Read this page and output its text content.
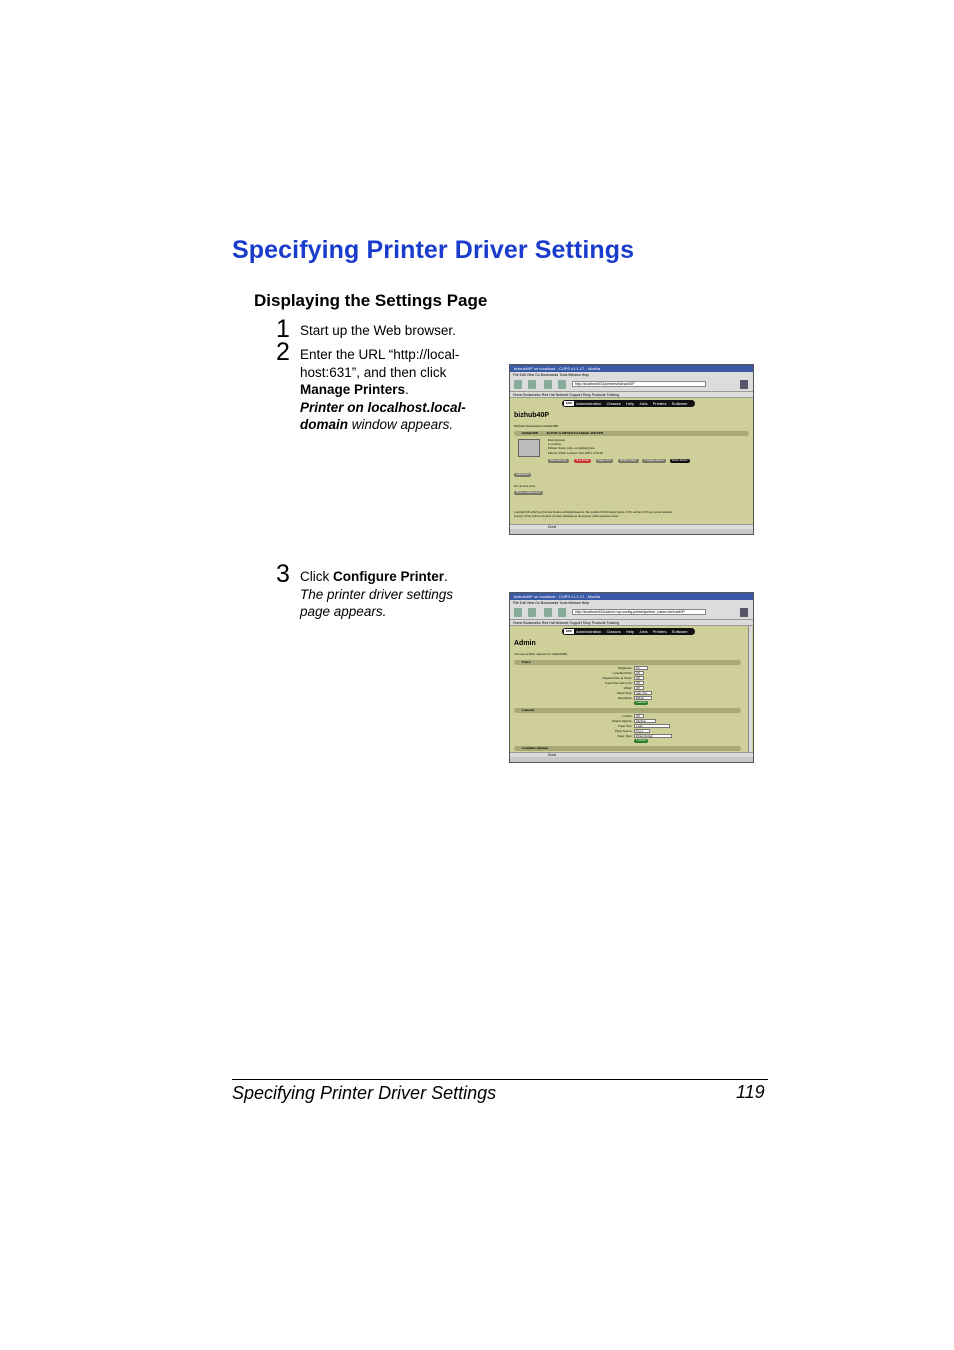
Specifying Printer Driver Settings
Displaying the Settings Page
1 Start up the Web browser.
2 Enter the URL “http://local-host:631”, and then click Manage Printers.
Printer on localhost.local-domain window appears.
bizhub40P on localhost - CUPS v1.1.17 - Mozilla
File Edit View Go Bookmarks Tools Window Help
http://localhost:631/printers/bizhub40P
Home Bookmarks Red Hat Network Support Shop Products Training
ESP	Administration Classes Help Jobs Printers Software
bizhub40P
Default Destination: bizhub40P
bizhub40P	KONICA MINOLTA bizhub 40P PPD
Description:
Location:
Printer State: idle, accepting jobs.
Device URI: socket://192.168.1.2:9100
Print Test Page	Stop Printer	Reject Jobs	Modify Printer	Configure Printer	Delete Printer
Add Printer
No Active Jobs
Show Completed Jobs
Copyright 1993-2002 Easy Software Products, All Rights Reserved. The Common UNIX Printing System, CUPS, and the CUPS logo are the trademark
property of Easy Software Products. All other trademarks are the property of their respective owners.
Done
3 Click Configure Printer.
The printer driver settings page appears.
bizhub40P on localhost - CUPS v1.1.17 - Mozilla
File Edit View Go Bookmarks Tools Window Help
http://localhost:631/admin?op=config-printer&printer_name=bizhub40P
Home Bookmarks Red Hat Network Support Shop Products Training
ESP	Administration Classes Help Jobs Printers Software
Admin
Choose default options for bizhub40P.
Extra
Brightness:	0%
Cyan/Red Print:	Off
Magenta Print on Violet:	Off
Scaled Size and Scale:	Off
Offset:	Off
Output Tray:	Auto Tray
Resolution:	600dpi
Continue
General
Collate:	Off
Duplex Options:	OneSide
Paper Size:	Letter
Paper Source:	Tray 1
Paper Type:	Printer Default
Continue
Graphics Options
Done
Specifying Printer Driver Settings	119
